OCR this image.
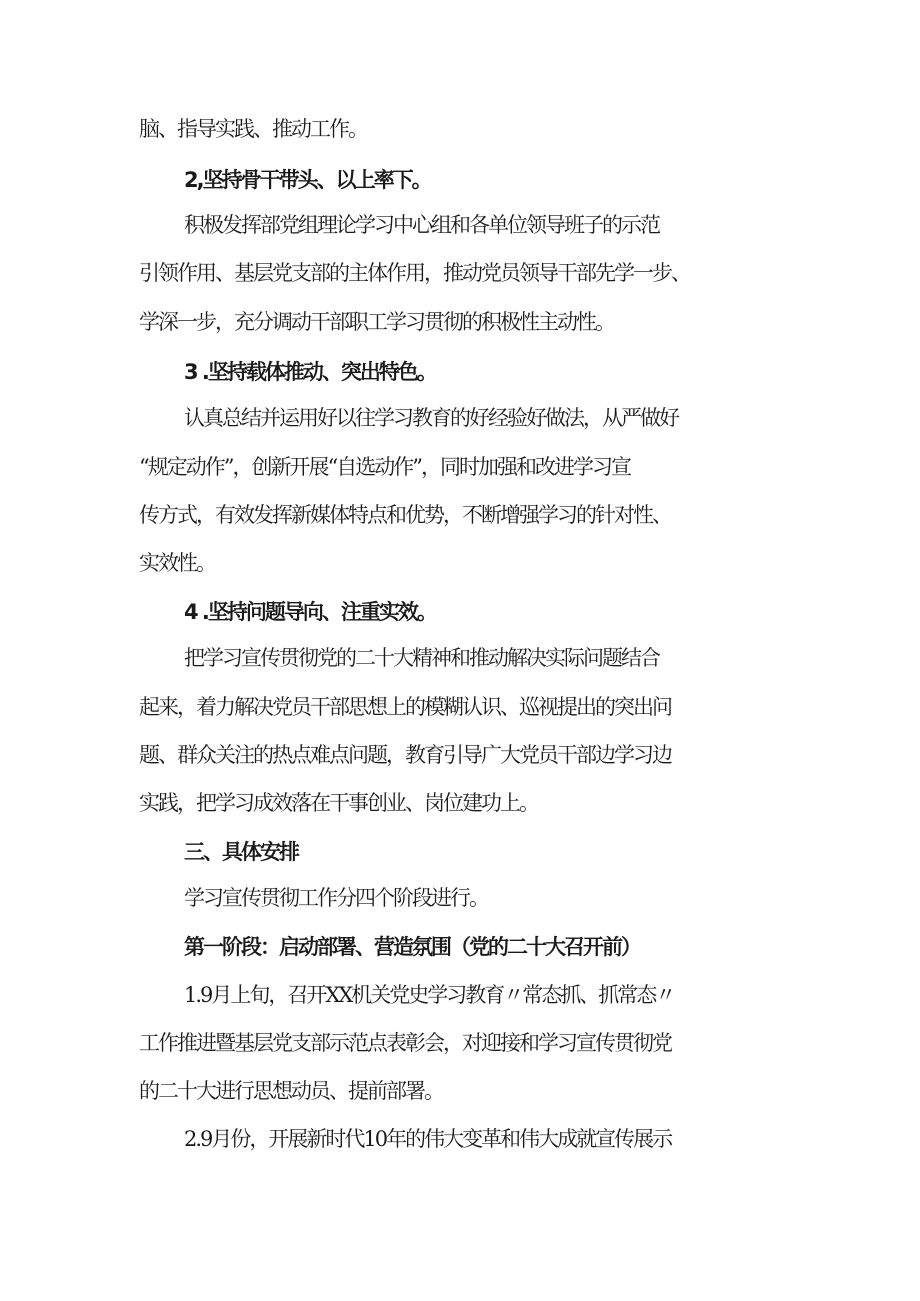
脑、指导实践、推动工作。
2,坚持骨干带头、以上率下。
积极发挥部党组理论学习中心组和各单位领导班子的示范
引领作用、基层党支部的主体作用，推动党员领导干部先学一步、
学深一步，充分调动干部职工学习贯彻的积极性主动性。
3 .坚持载体推动、突出特色。
认真总结并运用好以往学习教育的好经验好做法，从严做好
“规定动作”，创新开展“自选动作”，同时加强和改进学习宣
传方式，有效发挥新媒体特点和优势，不断增强学习的针对性、
实效性。
4 .坚持问题导向、注重实效。
把学习宣传贯彻党的二十大精神和推动解决实际问题结合
起来，着力解决党员干部思想上的模糊认识、巡视提出的突出问
题、群众关注的热点难点问题，教育引导广大党员干部边学习边
实践，把学习成效落在干事创业、岗位建功上。
三、具体安排
学习宣传贯彻工作分四个阶段进行。
第一阶段：启动部署、营造氛围（党的二十大召开前）
1.9月上旬，召开XX机关党史学习教育〃常态抓、抓常态〃
工作推进暨基层党支部示范点表彰会，对迎接和学习宣传贯彻党
的二十大进行思想动员、提前部署。
2.9月份，开展新时代10年的伟大变革和伟大成就宣传展示
